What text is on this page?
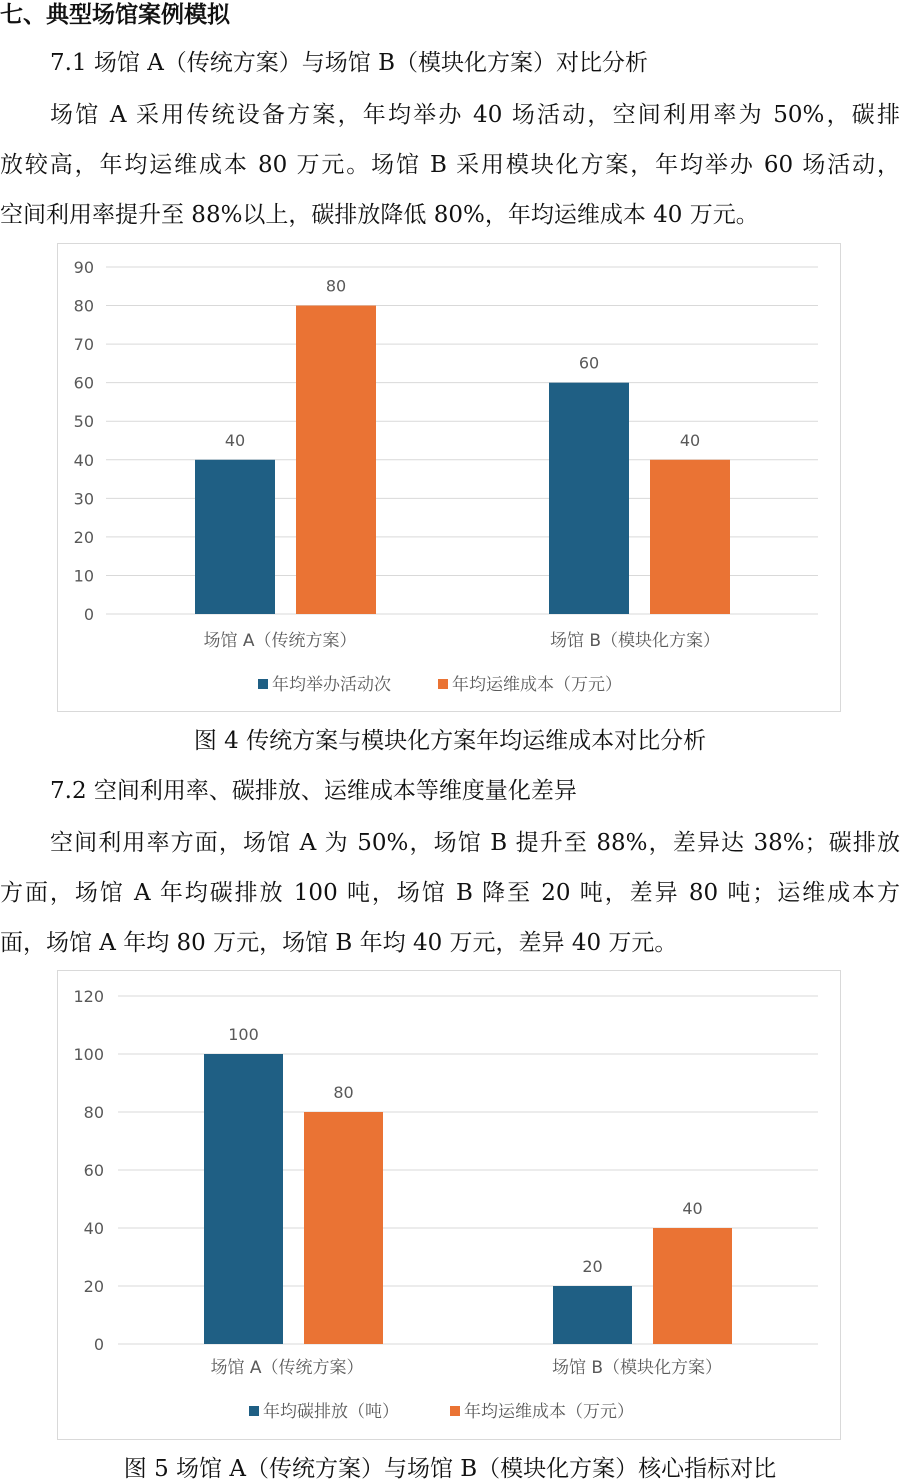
七、典型场馆案例模拟
7.1 场馆 A（传统方案）与场馆 B（模块化方案）对比分析
场馆 A 采用传统设备方案，年均举办 40 场活动，空间利用率为 50%，碳排
放较高，年均运维成本 80 万元。场馆 B 采用模块化方案，年均举办 60 场活动，
空间利用率提升至 88%以上，碳排放降低 80%，年均运维成本 40 万元。
0
10
20
30
40
50
60
70
80
90
40
80
场馆 A（传统方案）
60
40
场馆 B（模块化方案）
年均举办活动次	年均运维成本（万元）
图 4 传统方案与模块化方案年均运维成本对比分析
7.2 空间利用率、碳排放、运维成本等维度量化差异
空间利用率方面，场馆 A 为 50%，场馆 B 提升至 88%，差异达 38%；碳排放
方面，场馆 A 年均碳排放 100 吨，场馆 B 降至 20 吨，差异 80 吨；运维成本方
面，场馆 A 年均 80 万元，场馆 B 年均 40 万元，差异 40 万元。
0
20
40
60
80
100
120
100
80
场馆 A（传统方案）
20
40
场馆 B（模块化方案）
年均碳排放（吨）	年均运维成本（万元）
图 5 场馆 A（传统方案）与场馆 B（模块化方案）核心指标对比
